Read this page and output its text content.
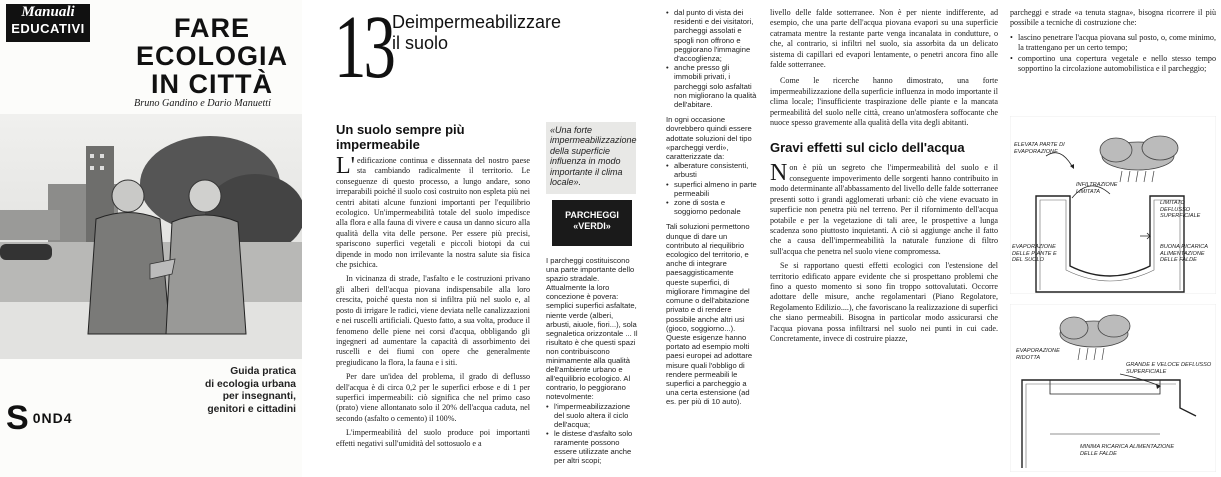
Manuali
EDUCATIVI	FARE
ECOLOGIA
IN CITTÀ
Bruno Gandino e Dario Manuetti
Guida pratica
di ecologia urbana
per insegnanti,
genitori e cittadini
S 0ND4
13
Deimpermeabilizzare
il suolo
Un suolo sempre più impermeabile

L'edificazione continua e dissennata del nostro paese sta cambiando radicalmente il territorio. Le conseguenze di questo processo, a lungo andare, sono irreparabili poiché il suolo così costruito non espleta più nei centri abitati alcune funzioni importanti per l'equilibrio ecologico. Un'impermeabilità totale del suolo impedisce alla flora e alla fauna di vivere e causa un danno sicuro alla qualità della vita delle persone. Per essere più precisi, spariscono superfici vegetali e piccoli biotopi da cui dipende in modo non irrilevante la nostra salute sia fisica che psichica.

In vicinanza di strade, l'asfalto e le costruzioni privano gli alberi dell'acqua piovana indispensabile alla loro crescita, poiché questa non si infiltra più nel suolo e, al posto di irrigare le radici, viene deviata nelle canalizzazioni e nei ruscelli artificiali. Questo fatto, a sua volta, produce il fenomeno delle piene nei corsi d'acqua, obbligando gli ingegneri ad aumentare la capacità di assorbimento dei ruscelli e dei fiumi con opere che generalmente pregiudicano la flora, la fauna e i siti.

Per dare un'idea del problema, il grado di deflusso dell'acqua è di circa 0,2 per le superfici erbose e di 1 per superfici impermeabili: ciò significa che nel primo caso (prato) viene allontanato solo il 20% dell'acqua caduta, nel secondo (asfalto o cemento) il 100%.

L'impermeabilità del suolo produce poi importanti effetti negativi sull'umidità del sottosuolo e a

«Una forte impermeabilizzazione della superficie influenza in modo importante il clima locale».
PARCHEGGI
«VERDI»

I parcheggi costituiscono una parte importante dello spazio stradale. Attualmente la loro concezione è povera: semplici superfici asfaltate, niente verde (alberi, arbusti, aiuole, fiori...), sola segnaletica orizzontale ... Il risultato è che questi spazi non contribuiscono minimamente alla qualità dell'ambiente urbano e all'equilibrio ecologico. Al contrario, lo peggiorano notevolmente:

• l'impermeabilizzazione del suolo altera il ciclo dell'acqua;
• le distese d'asfalto solo raramente possono essere utilizzate anche per altri scopi;
• dal punto di vista dei residenti e dei visitatori, parcheggi assolati e spogli non offrono e peggiorano l'immagine d'accoglienza;
• anche presso gli immobili privati, i parcheggi solo asfaltati non migliorano la qualità dell'abitare.

In ogni occasione dovrebbero quindi essere adottate soluzioni del tipo «parcheggi verdi», caratterizzate da:

• alberature consistenti, arbusti
• superfici almeno in parte permeabili
• zone di sosta e soggiorno pedonale

Tali soluzioni permettono dunque di dare un contributo al riequilibrio ecologico del territorio, e anche di integrare paesaggisticamente queste superfici, di migliorare l'immagine del comune o dell'abitazione privato e di rendere possibile anche altri usi (gioco, soggiorno...).

Queste esigenze hanno portato ad esempio molti paesi europei ad adottare misure quali l'obbligo di rendere permeabili le superfici a parcheggio a una certa estensione (ad es. per più di 10 auto).

livello delle falde sotterranee. Non è per niente indifferente, ad esempio, che una parte dell'acqua piovana evapori su una superficie catramata mentre la restante parte venga incanalata in condutture, o che, al contrario, si infiltri nel suolo, sia assorbita da un delicato sistema di capillari ed evapori lentamente, o penetri ancora fino alle falde sotterranee.

Come le ricerche hanno dimostrato, una forte impermeabilizzazione della superficie influenza in modo importante il clima locale; l'insufficiente traspirazione delle piante e la mancata permeabilità del suolo nelle città, creano un'atmosfera soffocante che nuoce spesso gravemente alla qualità della vita degli abitanti.

Gravi effetti sul ciclo dell'acqua

Non è più un segreto che l'impermeabilità del suolo e il conseguente impoverimento delle sorgenti hanno contribuito in modo determinante all'abbassamento del livello delle falde sotterranee presenti sotto i grandi agglomerati urbani: ciò che viene evacuato in superficie non penetra più nel terreno. Per il rifornimento dell'acqua potabile e per la vegetazione di tali aree, le prospettive a lunga scadenza sono piuttosto inquietanti. A ciò si aggiunge anche il fatto che a causa dell'impermeabilità la naturale funzione di filtro sull'acqua che penetra nel suolo viene compromessa.

Se si rapportano questi effetti ecologici con l'estensione del territorio edificato appare evidente che si prospettano problemi che fino a questo momento si sono fin troppo sottovalutati. Occorre adottare delle misure, anche regolamentari (Piano Regolatore, Regolamento Edilizio....), che favoriscano la realizzazione di superfici che siano permeabili. Bisogna in particolar modo assicurarsi che l'acqua piovana possa infiltrarsi nel suolo nei punti in cui cade. Concretamente, invece di costruire piazze,

parcheggi e strade «a tenuta stagna», bisogna ricorrere il più possibile a tecniche di costruzione che:

• lascino penetrare l'acqua piovana sul posto, o, come minimo, la trattengano per un certo tempo;
• comportino una copertura vegetale e nello stesso tempo sopportino la circolazione automobilistica e il parcheggio;
ELEVATA PARTE DI EVAPORAZIONE
INFILTRAZIONE LIMITATA
LIMITATO DEFLUSSO SUPERFICIALE
EVAPORAZIONE DELLE PIANTE E DEL SUOLO
BUONA RICARICA ALIMENTAZIONE DELLE FALDE
EVAPORAZIONE RIDOTTA
GRANDE E VELOCE DEFLUSSO SUPERFICIALE
MINIMA RICARICA ALIMENTAZIONE DELLE FALDE
